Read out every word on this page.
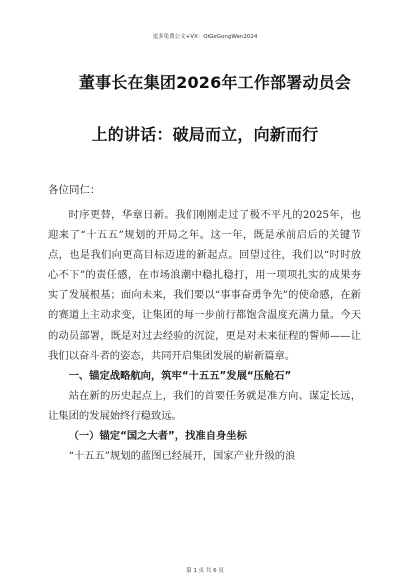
更多免费公文+VX：QiGeGongWen2024
董事长在集团2026年工作部署动员会
上的讲话：破局而立，向新而行
各位同仁：

时序更替，华章日新。我们刚刚走过了极不平凡的2025年，也迎来了“十五五”规划的开局之年。这一年，既是承前启后的关键节点，也是我们向更高目标迈进的新起点。回望过往，我们以“时时放心不下”的责任感，在市场浪潮中稳扎稳打，用一项项扎实的成果夯实了发展根基；面向未来，我们要以“事事奋勇争先”的使命感，在新的赛道上主动求变，让集团的每一步前行都饱含温度充满力量。今天的动员部署，既是对过去经验的沉淀，更是对未来征程的誓师——让我们以奋斗者的姿态，共同开启集团发展的崭新篇章。

一、锚定战略航向，筑牢“十五五”发展“压舱石”

站在新的历史起点上，我们的首要任务就是准方向、谋定长远，让集团的发展始终行稳致远。

（一）锚定“国之大者”，找准自身坐标

“十五五”规划的蓝图已经展开，国家产业升级的浪

第 1 页 共 6 页
